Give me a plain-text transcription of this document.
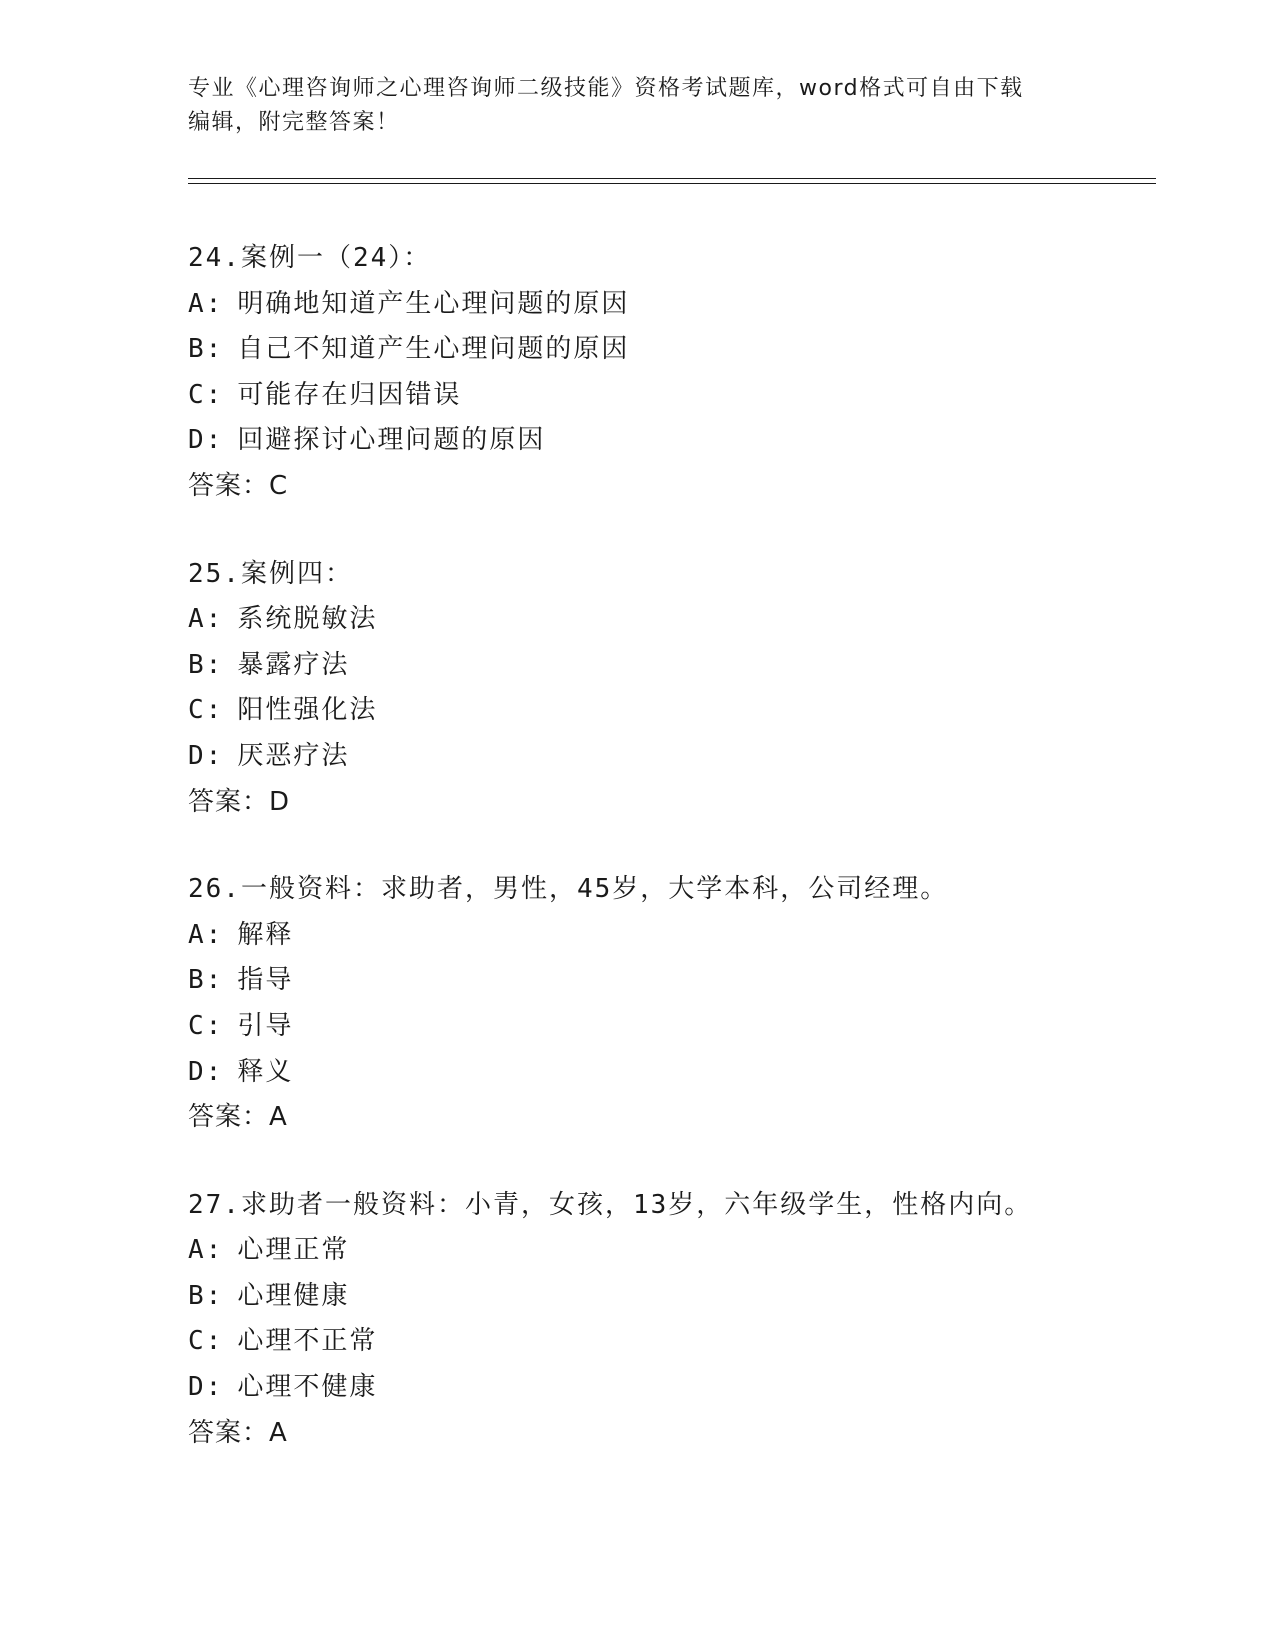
专业《心理咨询师之心理咨询师二级技能》资格考试题库，word格式可自由下载
编辑，附完整答案！
24.案例一（24）：
A: 明确地知道产生心理问题的原因
B: 自己不知道产生心理问题的原因
C: 可能存在归因错误
D: 回避探讨心理问题的原因
答案：C
25.案例四：
A: 系统脱敏法
B: 暴露疗法
C: 阳性强化法
D: 厌恶疗法
答案：D
26.一般资料：求助者，男性，45岁，大学本科，公司经理。
A: 解释
B: 指导
C: 引导
D: 释义
答案：A
27.求助者一般资料：小青，女孩，13岁，六年级学生，性格内向。
A: 心理正常
B: 心理健康
C: 心理不正常
D: 心理不健康
答案：A
